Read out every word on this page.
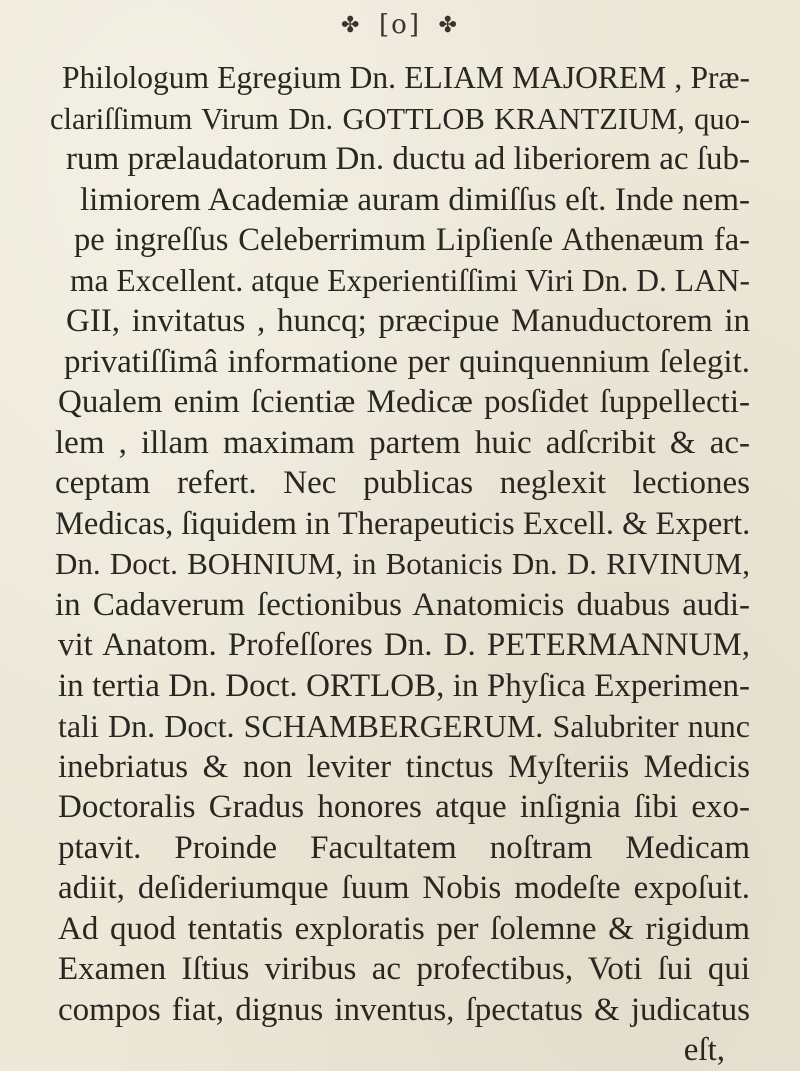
✤ [o] ✤
Philologum Egregium Dn. ELIAM MAJOREM , Præ-
clariſſimum Virum Dn. GOTTLOB KRANTZIUM, quo-
rum prælaudatorum Dn. ductu ad liberiorem ac ſub-
limiorem Academiæ auram dimiſſus eſt. Inde nem-
pe ingreſſus Celeberrimum Lipſienſe Athenæum fa-
ma Excellent. atque Experientiſſimi Viri Dn. D. LAN-
GII, invitatus , huncq; præcipue Manuductorem in
privatiſſimâ informatione per quinquennium ſelegit.
Qualem enim ſcientiæ Medicæ posſidet ſuppellecti-
lem , illam maximam partem huic adſcribit & ac-
ceptam refert. Nec publicas neglexit lectiones
Medicas, ſiquidem in Therapeuticis Excell. & Expert.
Dn. Doct. BOHNIUM, in Botanicis Dn. D. RIVINUM,
in Cadaverum ſectionibus Anatomicis duabus audi-
vit Anatom. Profeſſores Dn. D. PETERMANNUM,
in tertia Dn. Doct. ORTLOB, in Phyſica Experimen-
tali Dn. Doct. SCHAMBERGERUM. Salubriter nunc
inebriatus & non leviter tinctus Myſteriis Medicis
Doctoralis Gradus honores atque inſignia ſibi exo-
ptavit. Proinde Facultatem noſtram Medicam
adiit, deſideriumque ſuum Nobis modeſte expoſuit.
Ad quod tentatis exploratis per ſolemne & rigidum
Examen Iſtius viribus ac profectibus, Voti ſui qui
compos fiat, dignus inventus, ſpectatus & judicatus
eſt,
